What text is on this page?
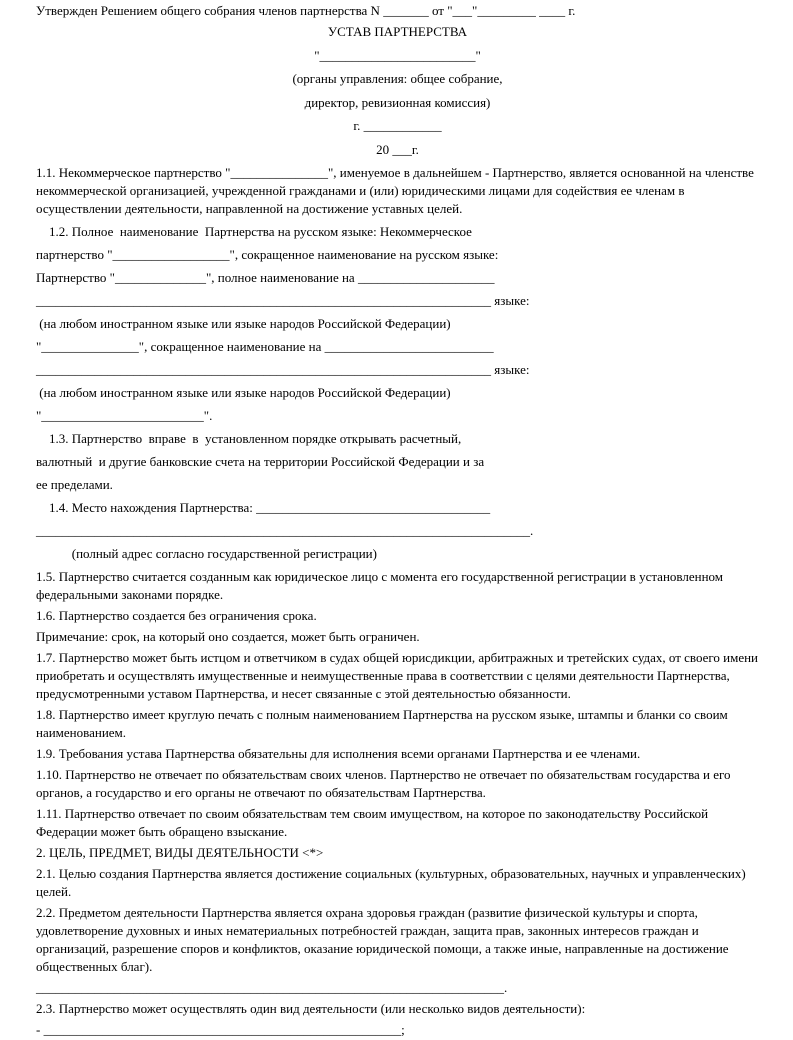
Утвержден Решением общего собрания членов партнерства N _______ от "___"_________ ____ г.
УСТАВ ПАРТНЕРСТВА
"________________________"
(органы управления: общее собрание,
директор, ревизионная комиссия)
г. ____________
20 ___г.
1.1. Некоммерческое партнерство "_______________", именуемое в дальнейшем - Партнерство, является основанной на членстве некоммерческой организацией, учрежденной гражданами и (или) юридическими лицами для содействия ее членам в осуществлении деятельности, направленной на достижение уставных целей.
1.2. Полное  наименование  Партнерства на русском языке: Некоммерческое
партнерство "__________________", сокращенное наименование на русском языке:
Партнерство "______________", полное наименование на _____________________
______________________________________________________________________ языке:
(на любом иностранном языке или языке народов Российской Федерации)
"_______________", сокращенное наименование на __________________________
______________________________________________________________________ языке:
(на любом иностранном языке или языке народов Российской Федерации)
"_________________________".
1.3. Партнерство  вправе  в  установленном порядке открывать расчетный,
валютный  и другие банковские счета на территории Российской Федерации и за
ее пределами.
1.4. Место нахождения Партнерства: ____________________________________
____________________________________________________________________________.
(полный адрес согласно государственной регистрации)
1.5. Партнерство считается созданным как юридическое лицо с момента его государственной регистрации в установленном федеральными законами порядке.
1.6. Партнерство создается без ограничения срока.
Примечание: срок, на который оно создается, может быть ограничен.
1.7. Партнерство может быть истцом и ответчиком в судах общей юрисдикции, арбитражных и третейских судах, от своего имени приобретать и осуществлять имущественные и неимущественные права в соответствии с целями деятельности Партнерства, предусмотренными уставом Партнерства, и несет связанные с этой деятельностью обязанности.
1.8. Партнерство имеет круглую печать с полным наименованием Партнерства на русском языке, штампы и бланки со своим наименованием.
1.9. Требования устава Партнерства обязательны для исполнения всеми органами Партнерства и ее членами.
1.10. Партнерство не отвечает по обязательствам своих членов. Партнерство не отвечает по обязательствам государства и его органов, а государство и его органы не отвечают по обязательствам Партнерства.
1.11. Партнерство отвечает по своим обязательствам тем своим имуществом, на которое по законодательству Российской Федерации может быть обращено взыскание.
2. ЦЕЛЬ, ПРЕДМЕТ, ВИДЫ ДЕЯТЕЛЬНОСТИ <*>
2.1. Целью создания Партнерства является достижение социальных (культурных, образовательных, научных и управленческих) целей.
2.2. Предметом деятельности Партнерства является охрана здоровья граждан (развитие физической культуры и спорта, удовлетворение духовных и иных нематериальных потребностей граждан, защита прав, законных интересов граждан и организаций, разрешение споров и конфликтов, оказание юридической помощи, а также иные, направленные на достижение общественных благ).
________________________________________________________________________.
2.3. Партнерство может осуществлять один вид деятельности (или несколько видов деятельности):
- _______________________________________________________;
